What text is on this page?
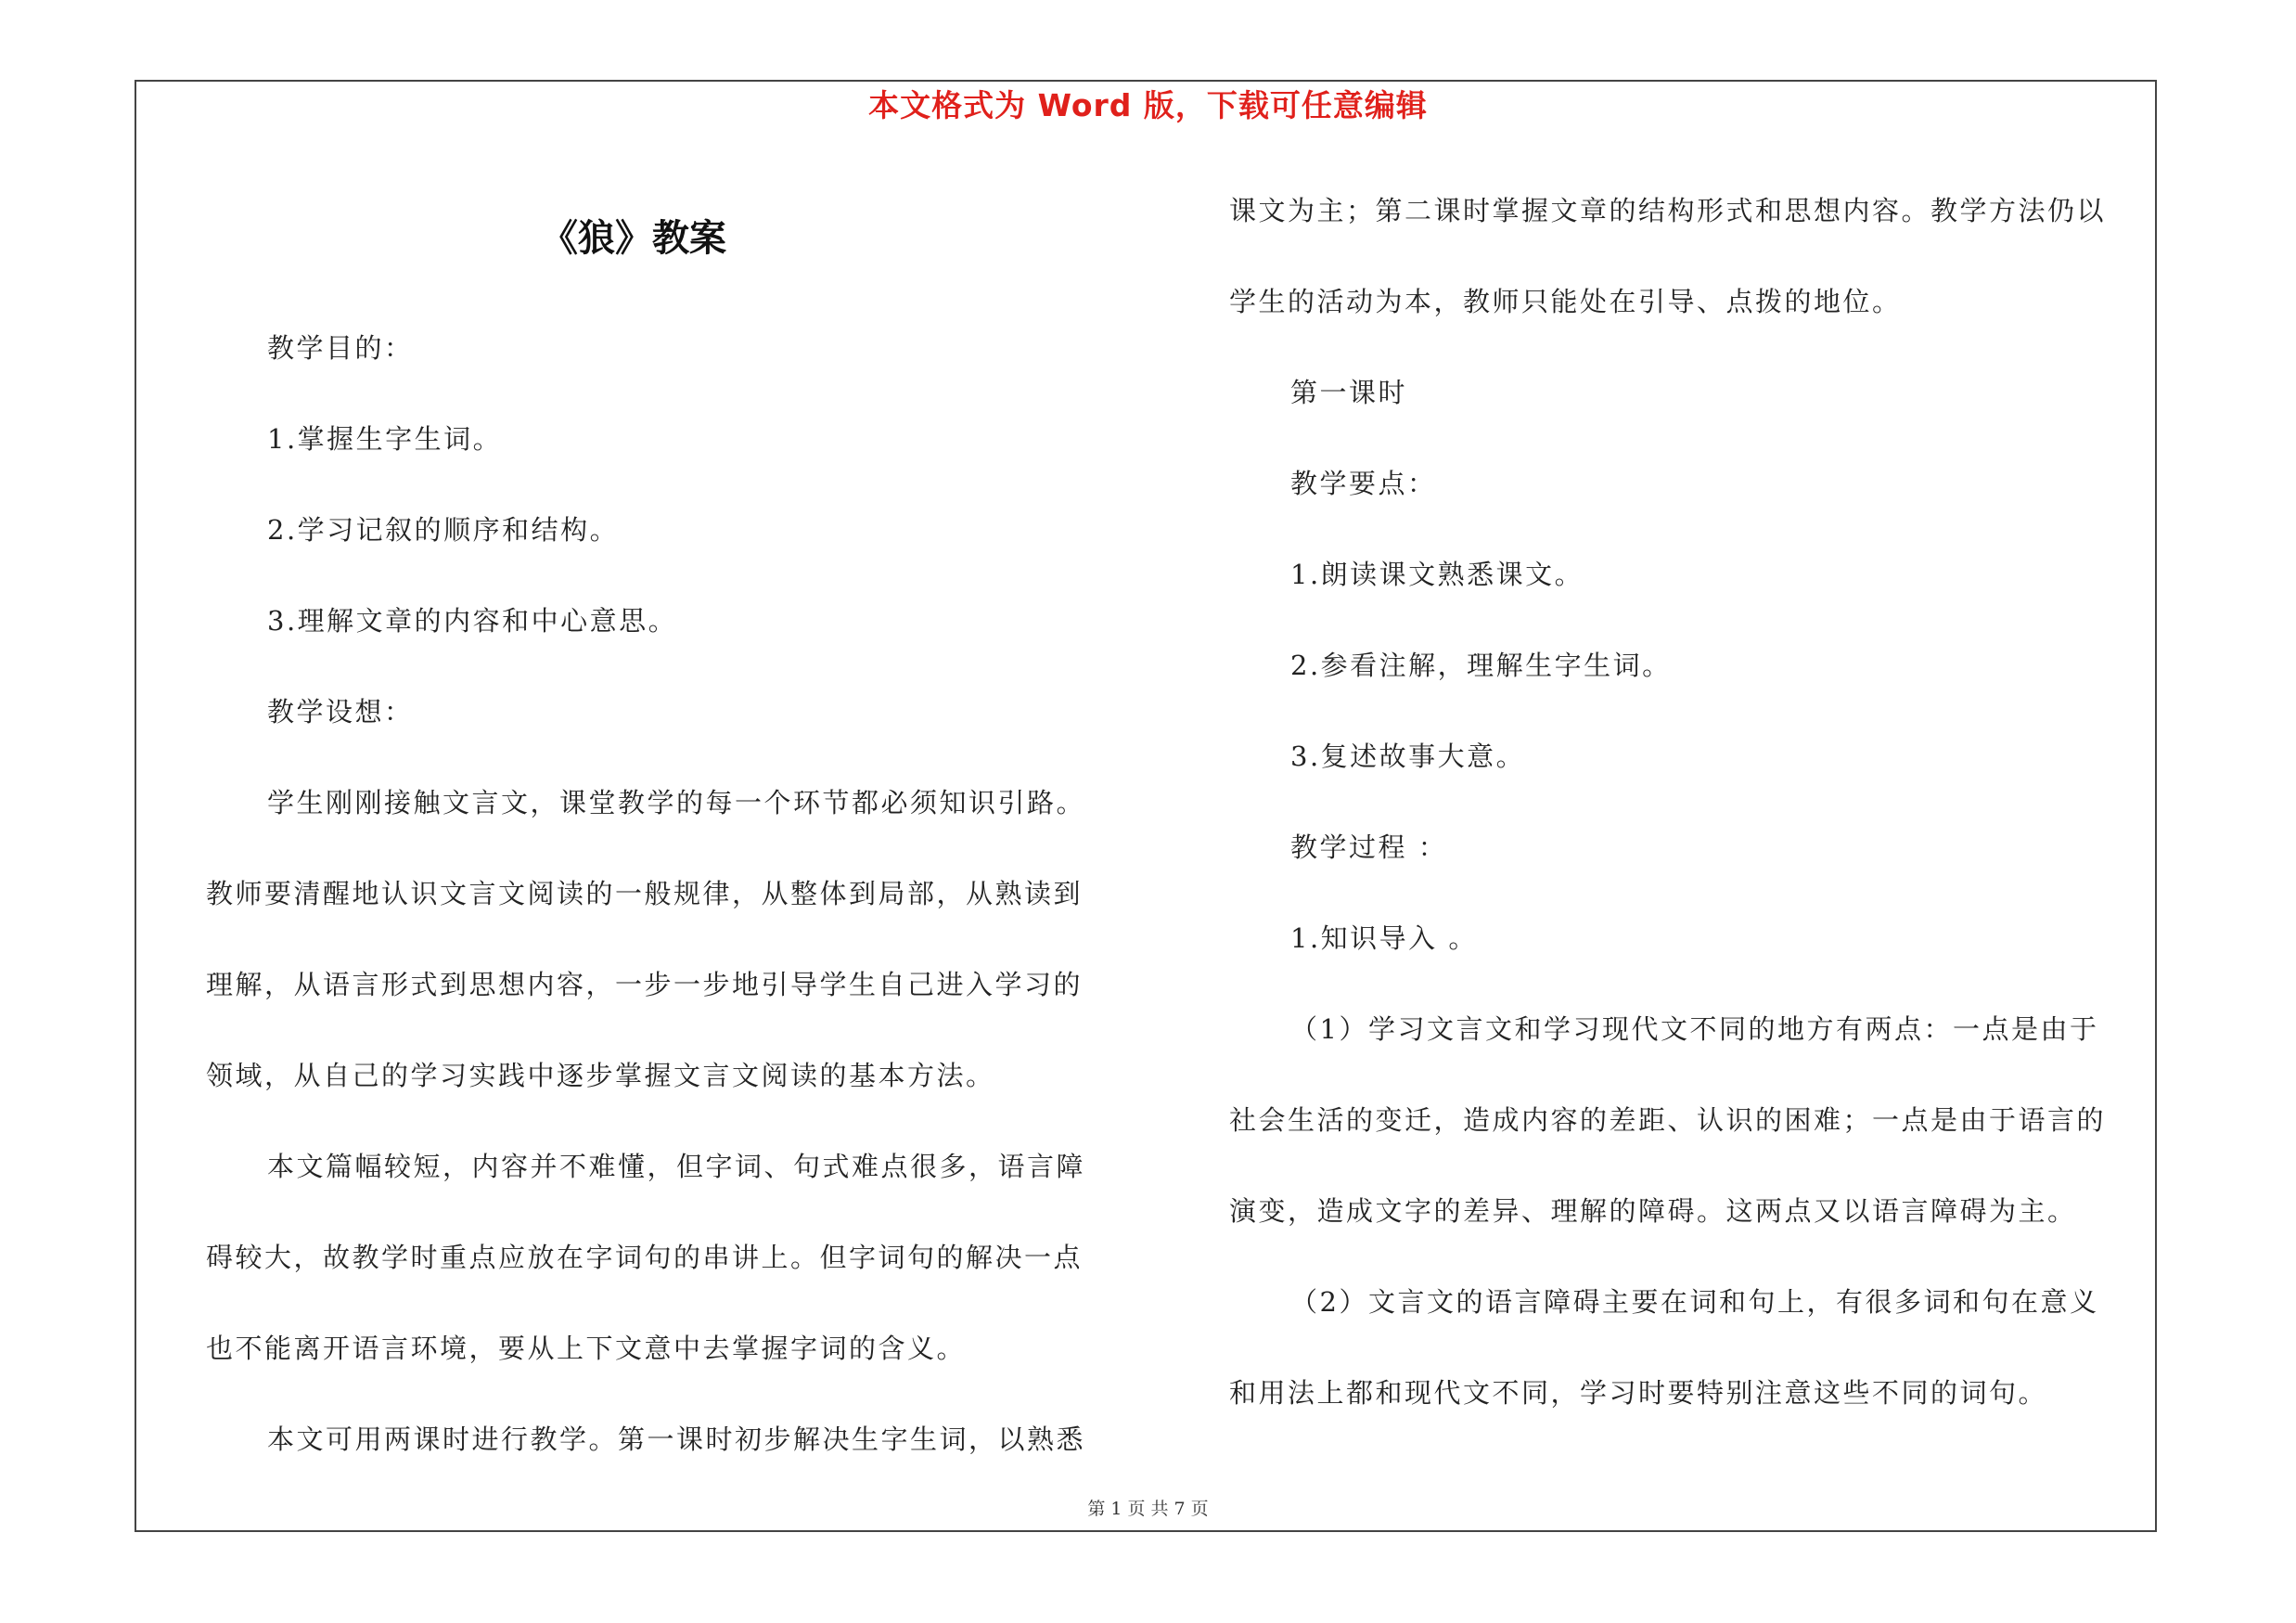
本文格式为 Word 版，下载可任意编辑
《狼》教案
教学目的：
1.掌握生字生词。
2.学习记叙的顺序和结构。
3.理解文章的内容和中心意思。
教学设想：
学生刚刚接触文言文，课堂教学的每一个环节都必须知识引路。
教师要清醒地认识文言文阅读的一般规律，从整体到局部，从熟读到
理解，从语言形式到思想内容，一步一步地引导学生自己进入学习的
领域，从自己的学习实践中逐步掌握文言文阅读的基本方法。
本文篇幅较短，内容并不难懂，但字词、句式难点很多，语言障
碍较大，故教学时重点应放在字词句的串讲上。但字词句的解决一点
也不能离开语言环境，要从上下文意中去掌握字词的含义。
本文可用两课时进行教学。第一课时初步解决生字生词，以熟悉
课文为主；第二课时掌握文章的结构形式和思想内容。教学方法仍以
学生的活动为本，教师只能处在引导、点拨的地位。
第一课时
教学要点：
1.朗读课文熟悉课文。
2.参看注解，理解生字生词。
3.复述故事大意。
教学过程 ：
1.知识导入 。
（1）学习文言文和学习现代文不同的地方有两点：一点是由于
社会生活的变迁，造成内容的差距、认识的困难；一点是由于语言的
演变，造成文字的差异、理解的障碍。这两点又以语言障碍为主。
（2）文言文的语言障碍主要在词和句上，有很多词和句在意义
和用法上都和现代文不同，学习时要特别注意这些不同的词句。
第 1 页 共 7 页
